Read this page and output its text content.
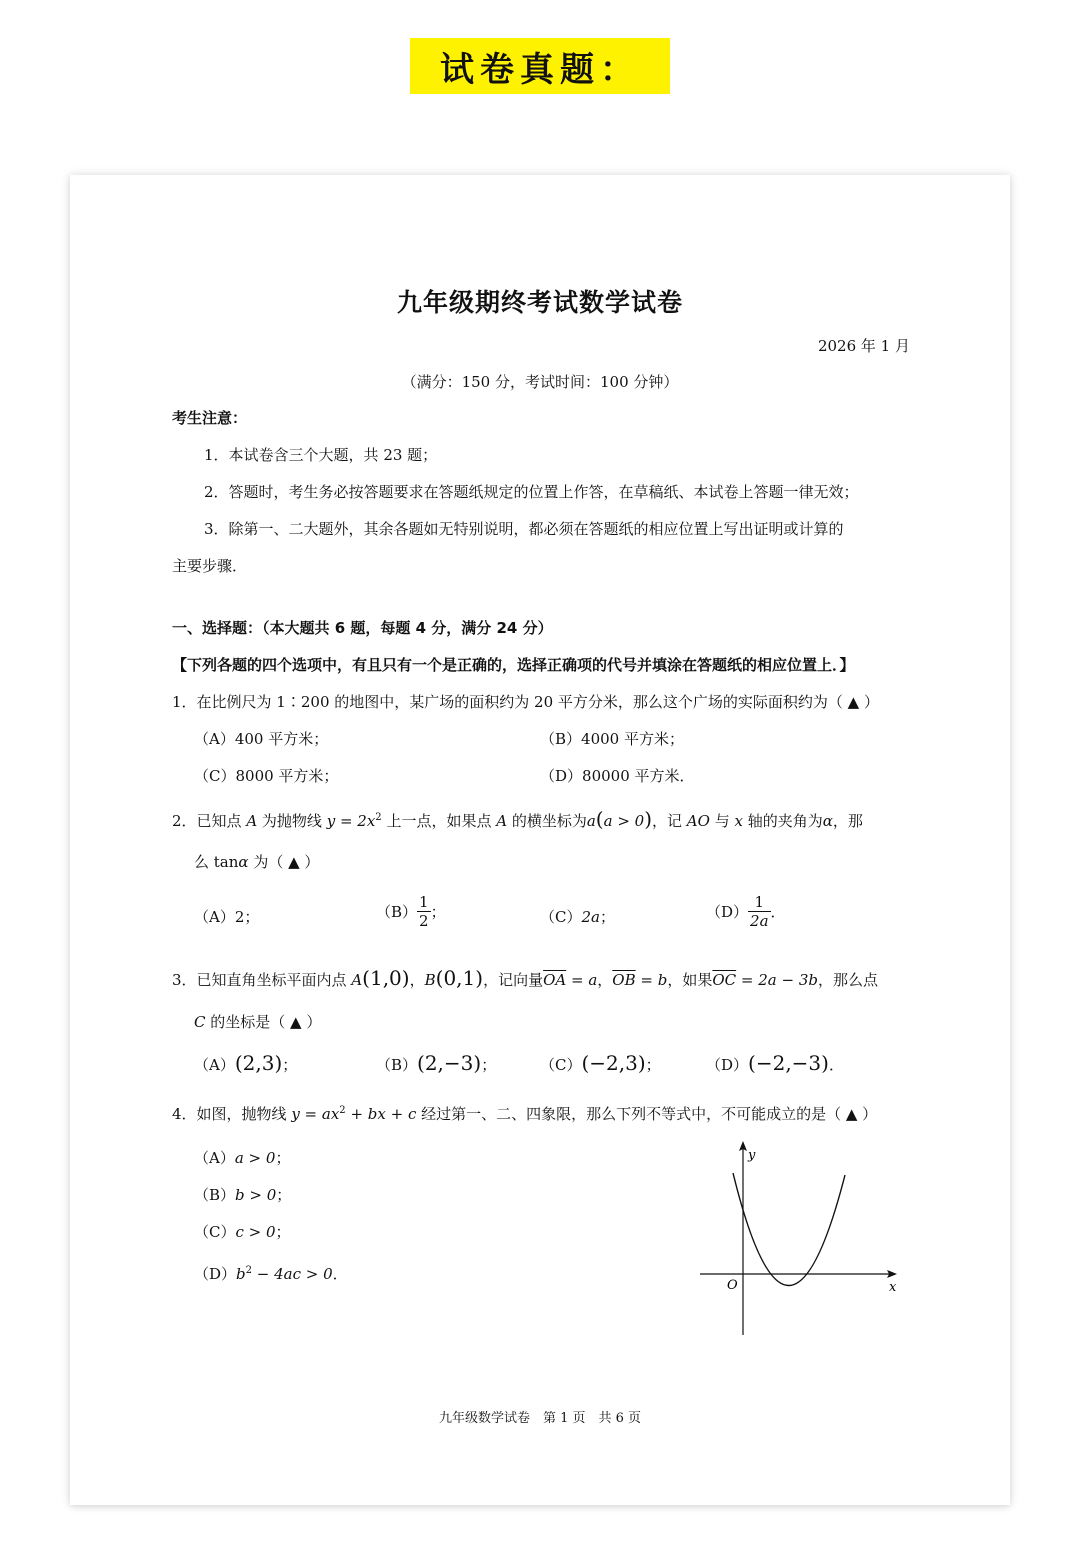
试卷真题：
九年级期终考试数学试卷
2026 年 1 月
（满分：150 分，考试时间：100 分钟）
考生注意：
1．本试卷含三个大题，共 23 题；
2．答题时，考生务必按答题要求在答题纸规定的位置上作答，在草稿纸、本试卷上答题一律无效；
3．除第一、二大题外，其余各题如无特别说明，都必须在答题纸的相应位置上写出证明或计算的
主要步骤．
一、选择题：（本大题共 6 题，每题 4 分，满分 24 分）
【下列各题的四个选项中，有且只有一个是正确的，选择正确项的代号并填涂在答题纸的相应位置上．】
1．在比例尺为 1∶200 的地图中，某广场的面积约为 20 平方分米，那么这个广场的实际面积约为（ ▲ ）
（A）400 平方米；	（B）4000 平方米；
（C）8000 平方米；	（D）80000 平方米．
2．已知点 A 为抛物线 $y = 2x^2$ 上一点，如果点 A 的横坐标为a(a > 0)，记 AO 与 x 轴的夹角为α，那
么 tanα 为（ ▲ ）
（A）2；	$(B) \frac{1}{2}$ ；	（C）2a；	$(D) \frac{1}{2a}$ ．
3．已知直角坐标平面内点 A(1,0)，B(0,1)，记向量$\overline{OA} = a$，$\overline{OB} = b$，如果$\overline{OC} = 2a - 3b$，那么点
C 的坐标是（ ▲ ）
（A）(2,3)；	（B）(2,−3)；	（C）(−2,3)；	（D）(−2,−3)．
4．如图，抛物线 $y = ax^2$ + bx + c 经过第一、二、四象限，那么下列不等式中，不可能成立的是（ ▲ ）
（A）a > 0；
（B）b > 0；
（C）c > 0；
$(D)b^2 - 4ac > 0$．
y
x
O
九年级数学试卷　第 1 页　共 6 页
